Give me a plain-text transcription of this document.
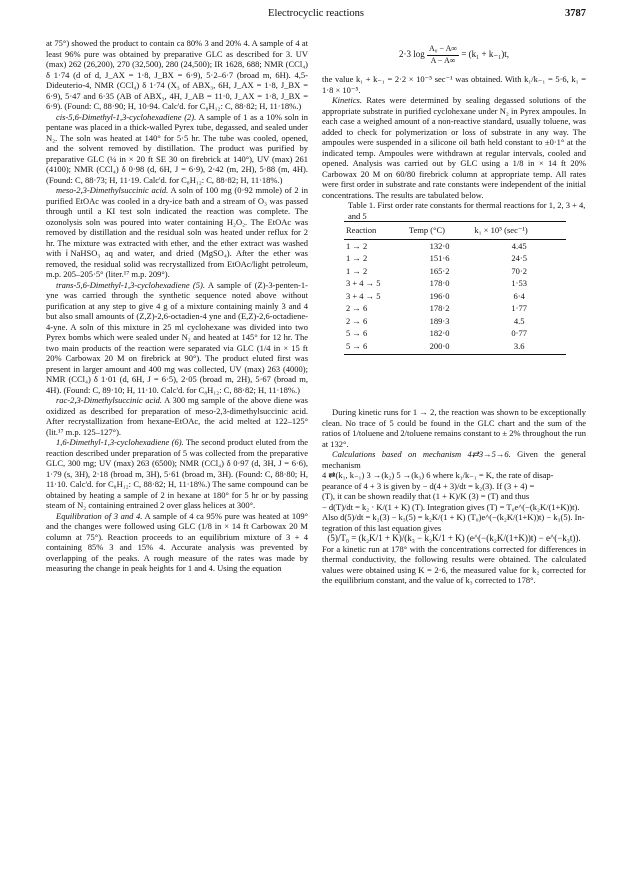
Electrocyclic reactions	3787

at 75°) showed the product to contain ca 80% 3 and 20% 4. A sample of 4 at least 96% pure was obtained by preparative GLC as described for 3. UV (max) 262 (26,200), 270 (32,500), 280 (24,500); IR 1628, 688; NMR (CCl₄) δ 1·74 (d of d, J_AX = 1·8, J_BX = 6·9), 5·2–6·7 (broad m, 6H). 4,5-Dideuterio-4, NMR (CCl₄) δ 1·74 (X₃ of ABX₃, 6H, J_AX = 1·8, J_BX = 6·9), 5·47 and 6·35 (AB of ABX₃, 4H, J_AB = 11·0, J_AX = 1·8, J_BX = 6·9). (Found: C, 88·90; H, 10·94. Calc'd. for C₈H₁₂: C, 88·82; H, 11·18%.)

cis-5,6-Dimethyl-1,3-cyclohexadiene (2). A sample of 1 as a 10% soln in pentane was placed in a thick-walled Pyrex tube, degassed, and sealed under N₂. The soln was heated at 140° for 5·5 hr. The tube was cooled, opened, and the solvent removed by distillation. The product was purified by preparative GLC (¼ in × 20 ft SE 30 on firebrick at 140°), UV (max) 261 (4100); NMR (CCl₄) δ 0·98 (d, 6H, J = 6·9), 2·42 (m, 2H), 5·88 (m, 4H). (Found: C, 88·73; H, 11·19. Calc'd. for C₈H₁₂: C, 88·82; H, 11·18%.)

meso-2,3-Dimethylsuccinic acid. A soln of 100 mg (0·92 mmole) of 2 in purified EtOAc was cooled in a dry-ice bath and a stream of O₃ was passed through until a KI test soln indicated the reaction was complete. The ozonolysis soln was poured into water containing H₂O₂. The EtOAc was removed by distillation and the residual soln was heated under reflux for 2 hr. The mixture was extracted with ether, and the ether extract was washed with ⅰNaHSO₃ aq and water, and dried (MgSO₄). After the ether was removed, the residual solid was recrystallized from EtOAc/light petroleum, m.p. 205–205·5° (liter.¹⁷ m.p. 209°).

trans-5,6-Dimethyl-1,3-cyclohexadiene (5). A sample of (Z)-3-penten-1-yne was carried through the synthetic sequence noted above without purification at any step to give 4 g of a mixture containing mainly 3 and 4 but also small amounts of (Z,Z)-2,6-octadien-4 yne and (E,Z)-2,6-octadiene-4-yne. A soln of this mixture in 25 ml cyclohexane was divided into two Pyrex bombs which were sealed under N₂ and heated at 145° for 12 hr. The two main products of the reaction were separated via GLC (1/4 in × 15 ft 20% Carbowax 20 M on firebrick at 90°). The product eluted first was present in larger amount and 400 mg was collected, UV (max) 263 (4000); NMR (CCl₄) δ 1·01 (d, 6H, J = 6·5), 2·05 (broad m, 2H), 5·67 (broad m, 4H). (Found: C, 89·10; H, 11·10. Calc'd. for C₈H₁₂: C, 88·82; H, 11·18%.)

rac-2,3-Dimethylsuccinic acid. A 300 mg sample of the above diene was oxidized as described for preparation of meso-2,3-dimethylsuccinic acid. After recrystallization from hexane-EtOAc, the acid melted at 122–125° (lit.¹⁷ m.p. 125–127°).

1,6-Dimethyl-1,3-cyclohexadiene (6). The second product eluted from the reaction described under preparation of 5 was collected from the preparative GLC, 300 mg; UV (max) 263 (6500); NMR (CCl₄) δ 0·97 (d, 3H, J = 6·6), 1·79 (s, 3H), 2·18 (broad m, 3H), 5·61 (broad m, 3H). (Found: C, 88·80; H, 11·10. Calc'd. for C₈H₁₂: C, 88·82; H, 11·18%.) The same compound can be obtained by heating a sample of 2 in hexane at 180° for 5 hr or by passing steam of N₂ containing entrained 2 over glass helices at 300°.

Equilibration of 3 and 4. A sample of 4 ca 95% pure was heated at 109° and the changes were followed using GLC (1/8 in × 14 ft Carbowax 20 M column at 75°). Reaction proceeds to an equilibrium mixture of 3 + 4 containing 85% 3 and 15% 4. Accurate analysis was prevented by overlapping of the peaks. A rough measure of the rates was made by measuring the change in peak heights for 1 and 4. Using the equation

2·3 $\log \frac{\text{A₀ − A∞}}{A - A\infty} = (k_1 + k_{-1})t$,

the value k₁ + k₋₁ = 2·2 × 10⁻⁵ sec⁻¹ was obtained. With k₁/k₋₁ = 5·6, k₁ = 1·8 × 10⁻⁵.

Kinetics. Rates were determined by sealing degassed solutions of the appropriate substrate in purified cyclohexane under N₂ in Pyrex ampoules. In each case a weighed amount of a non-reactive standard, usually toluene, was added to check for polymerization or loss of substrate in any way. The ampoules were suspended in a silicone oil bath held constant to ±0·1° at the indicated temp. Ampoules were withdrawn at regular intervals, cooled and opened. Analysis was carried out by GLC using a 1/8 in × 14 ft 20% Carbowax 20 M on 60/80 firebrick column at appropriate temp. All rates were first order in substrate and rate constants were independent of the initial concentrations. The results are tabulated below.

Table 1. First order rate constants for thermal reactions for 1, 2, 3 + 4, and 5

Reaction	Temp (°C)	k₁ × 10⁵ (sec⁻¹)
1 → 2	132·0	4.45
1 → 2	151·6	24·5
1 → 2	165·2	70·2
3 + 4 → 5	178·0	1·53
3 + 4 → 5	196·0	6·4
2 → 6	178·2	1·77
2 → 6	189·3	4.5
5 → 6	182·0	0·77
5 → 6	200·0	3.6

During kinetic runs for 1 → 2, the reaction was shown to be exceptionally clean. No trace of 5 could be found in the GLC chart and the sum of the ratios of 1/toluene and 2/toluene remains constant to ± 2% throughout the run at 132°.

Calculations based on mechanism 4⇄3→5→6. Given the general mechanism

4 ⇄(k₁, k₋₁) 3 →(k₂) 5 →(k₃) 6 where k₁/k₋₁ = K, the rate of disap-

pearance of 4 + 3 is given by − d(4 + 3)/dt = k₂(3). If (3 + 4) =

(T), it can be shown readily that (1 + K)/K (3) = (T) and thus

− d(T)/dt = k₂ · K/(1 + K) (T). Integration gives (T) = T₀e^(−(k₂K/(1+K))t).

Also d(5)/dt = k₂(3) − k₃(5) = k₂K/(1 + K) (T₀)e^(−(k₂K/(1+K))t) − k₃(5). In-

tegration of this last equation gives

(5)/T₀ = (k₂K/1 + K)/(k₃ − k₂K/1 + K) (e^(−(k₂K/(1+K))t) − e^(−k₃t)).

For a kinetic run at 178° with the concentrations corrected for differences in thermal conductivity, the following results were obtained. The calculated values were obtained using K = 2·6, the measured value for k₂ corrected for the equilibrium constant, and the value of k₃ corrected to 178°.
